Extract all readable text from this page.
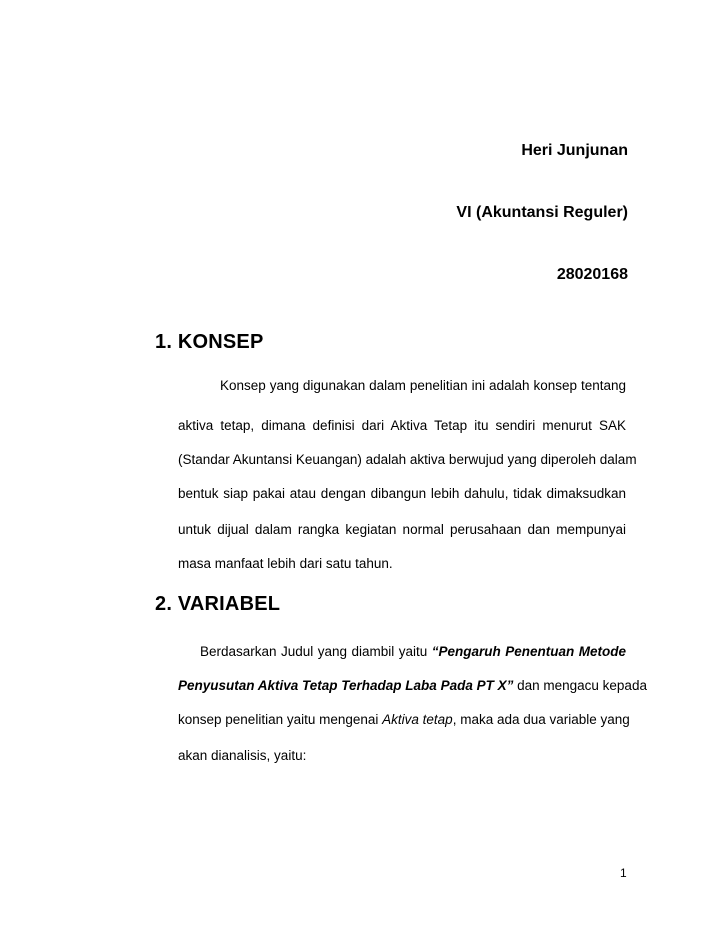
Heri Junjunan
VI (Akuntansi Reguler)
28020168
1. KONSEP
Konsep yang digunakan dalam penelitian ini adalah konsep tentang
aktiva tetap, dimana definisi dari Aktiva Tetap itu sendiri menurut SAK
(Standar Akuntansi Keuangan) adalah aktiva berwujud yang diperoleh dalam
bentuk siap pakai atau dengan dibangun lebih dahulu, tidak dimaksudkan
untuk dijual dalam rangka kegiatan normal perusahaan dan mempunyai
masa manfaat lebih dari satu tahun.
2. VARIABEL
Berdasarkan Judul yang diambil yaitu “Pengaruh Penentuan Metode
Penyusutan Aktiva Tetap Terhadap Laba Pada PT X” dan mengacu kepada
konsep penelitian yaitu mengenai Aktiva tetap, maka ada dua variable yang
akan dianalisis, yaitu:
1
